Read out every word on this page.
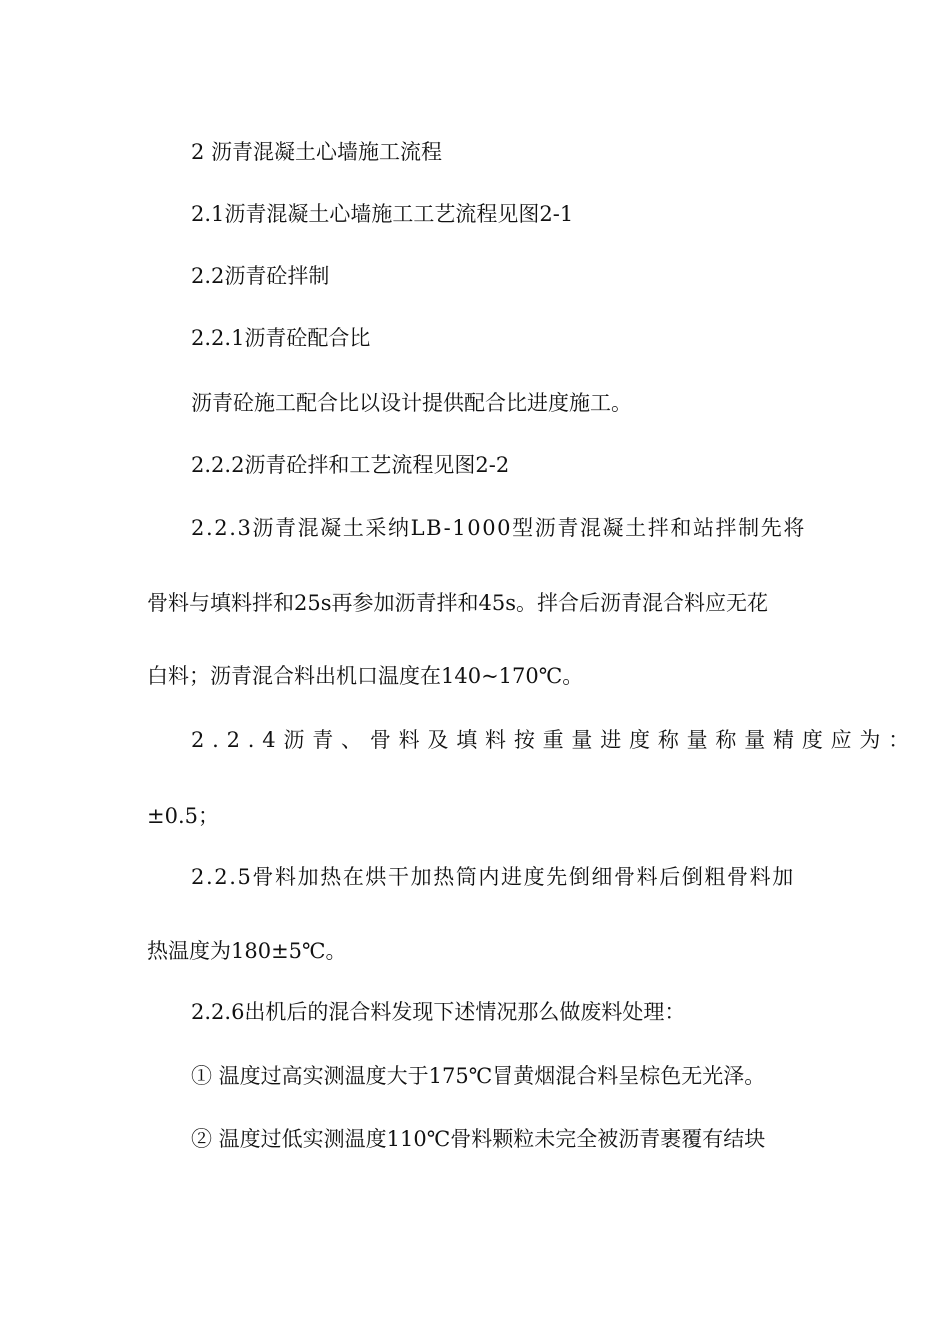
2 沥青混凝土心墙施工流程
2.1沥青混凝土心墙施工工艺流程见图2-1
2.2沥青砼拌制
2.2.1沥青砼配合比
沥青砼施工配合比以设计提供配合比进度施工。
2.2.2沥青砼拌和工艺流程见图2-2
2.2.3沥青混凝土采纳LB-1000型沥青混凝土拌和站拌制先将
骨料与填料拌和25s再参加沥青拌和45s。拌合后沥青混合料应无花
白料；沥青混合料出机口温度在140~170℃。
2.2.4沥青、骨料及填料按重量进度称量称量精度应为：
±0.5；
2.2.5骨料加热在烘干加热筒内进度先倒细骨料后倒粗骨料加
热温度为180±5℃。
2.2.6出机后的混合料发现下述情况那么做废料处理：
① 温度过高实测温度大于175℃冒黄烟混合料呈棕色无光泽。
② 温度过低实测温度110℃骨料颗粒未完全被沥青裹覆有结块
